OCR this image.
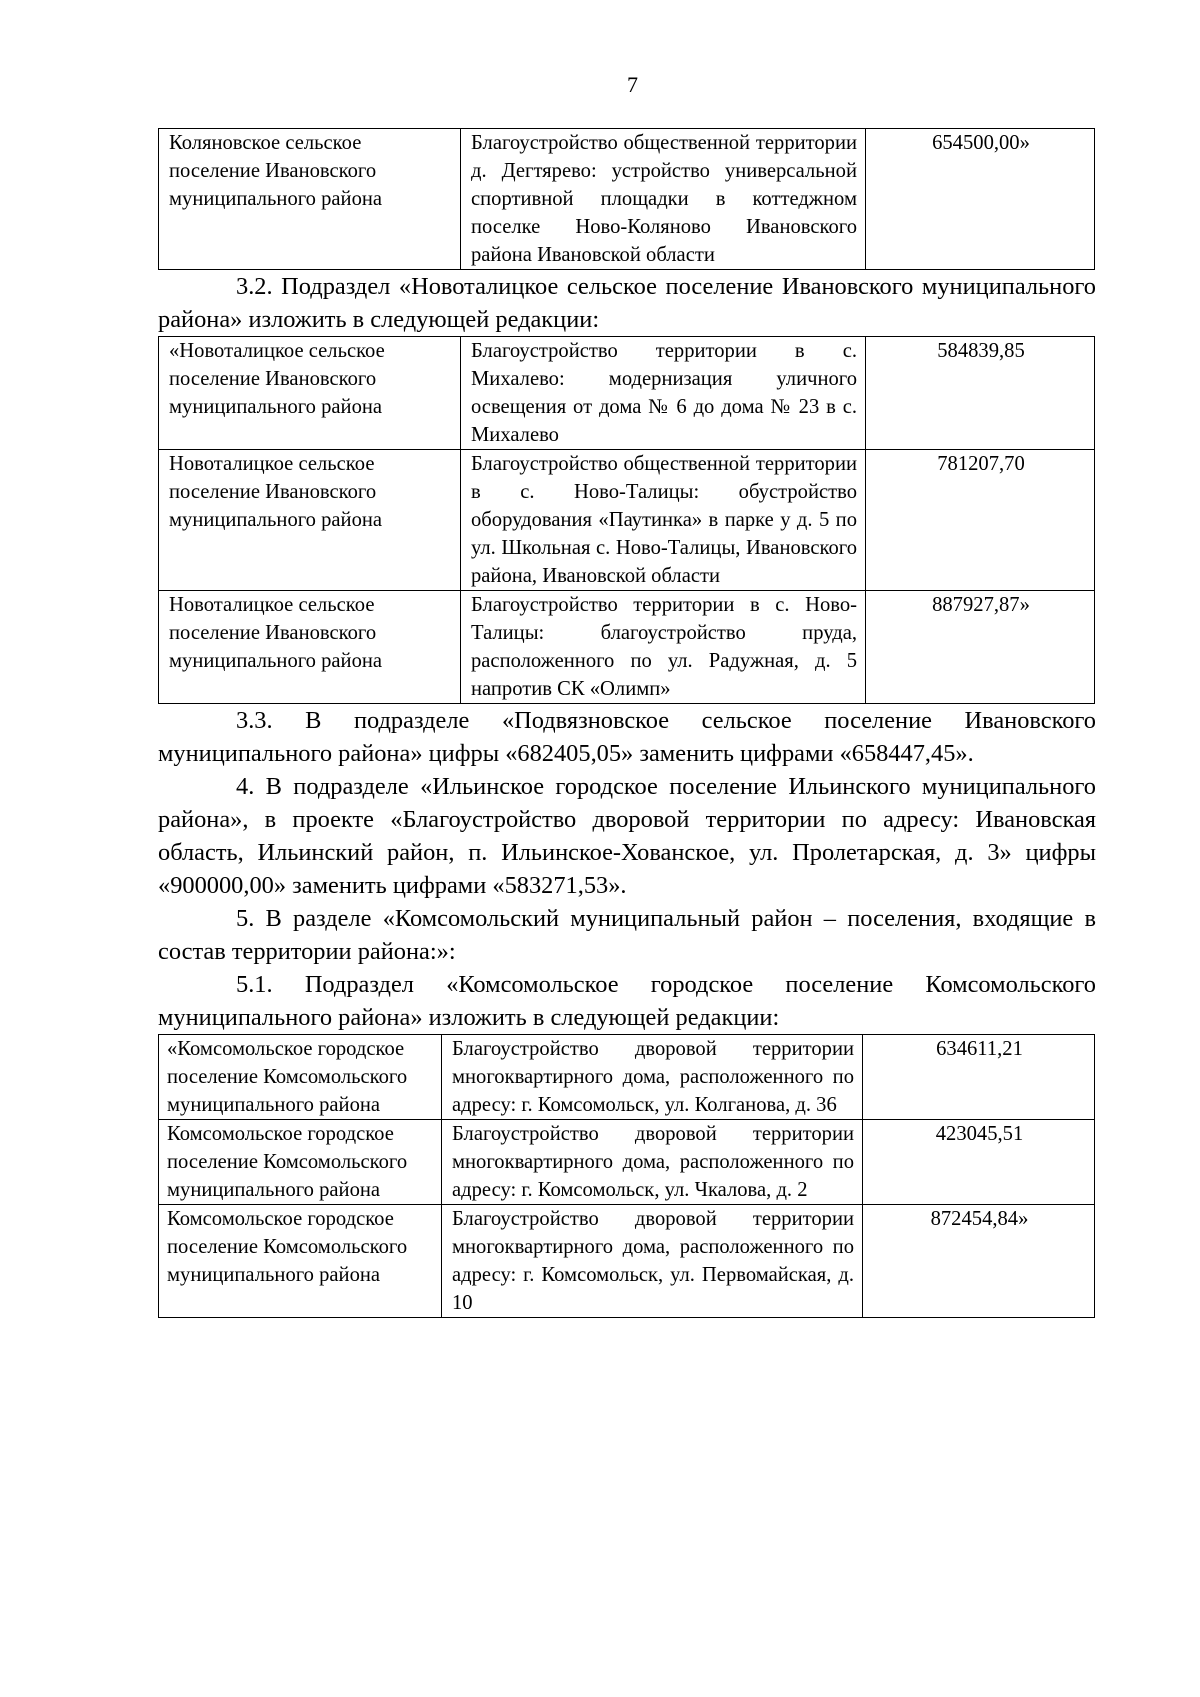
7
Коляновское сельское поселение Ивановского муниципального района	Благоустройство общественной территории д. Дегтярево: устройство универсальной спортивной площадки в коттеджном поселке Ново-Коляново Ивановского района Ивановской области	654500,00»

3.2. Подраздел «Новоталицкое сельское поселение Ивановского муниципального района» изложить в следующей редакции:

«Новоталицкое сельское поселение Ивановского муниципального района	Благоустройство территории в с. Михалево: модернизация уличного освещения от дома № 6 до дома № 23 в с. Михалево	584839,85
Новоталицкое сельское поселение Ивановского муниципального района	Благоустройство общественной территории в с. Ново-Талицы: обустройство оборудования «Паутинка» в парке у д. 5 по ул. Школьная с. Ново-Талицы, Ивановского района, Ивановской области	781207,70
Новоталицкое сельское поселение Ивановского муниципального района	Благоустройство территории в с. Ново-Талицы: благоустройство пруда, расположенного по ул. Радужная, д. 5 напротив СК «Олимп»	887927,87»

3.3. В подразделе «Подвязновское сельское поселение Ивановского муниципального района» цифры «682405,05» заменить цифрами «658447,45».

4. В подразделе «Ильинское городское поселение Ильинского муниципального района», в проекте «Благоустройство дворовой территории по адресу: Ивановская область, Ильинский район, п. Ильинское-Хованское, ул. Пролетарская, д. 3» цифры «900000,00» заменить цифрами «583271,53».

5. В разделе «Комсомольский муниципальный район – поселения, входящие в состав территории района:»:

5.1. Подраздел «Комсомольское городское поселение Комсомольского муниципального района» изложить в следующей редакции:

«Комсомольское городское поселение Комсомольского муниципального района	Благоустройство дворовой территории многоквартирного дома, расположенного по адресу: г. Комсомольск, ул. Колганова, д. 36	634611,21
Комсомольское городское поселение Комсомольского муниципального района	Благоустройство дворовой территории многоквартирного дома, расположенного по адресу: г. Комсомольск, ул. Чкалова, д. 2	423045,51
Комсомольское городское поселение Комсомольского муниципального района	Благоустройство дворовой территории многоквартирного дома, расположенного по адресу: г. Комсомольск, ул. Первомайская, д. 10	872454,84»
